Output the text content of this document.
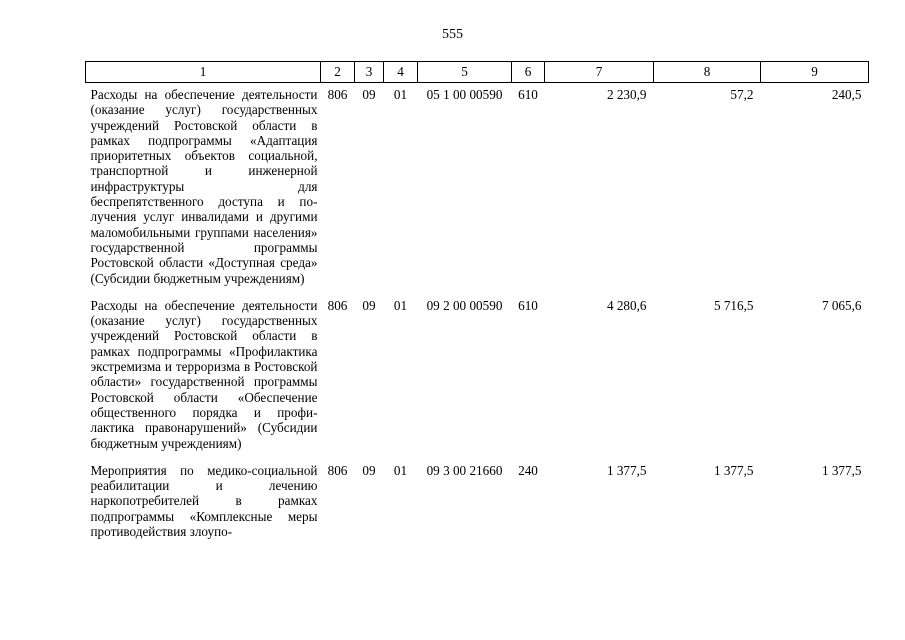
555
1	2	3	4	5	6	7	8	9
Расходы на обеспечение деятельности (оказание услуг) государственных учреждений Ростовской области в рамках подпрограммы «Адаптация приоритетных объектов социальной, транспортной и инженерной инфраструктуры для беспрепятственного доступа и получения услуг инвалидами и другими маломобильными группами населения» государственной программы Ростовской области «Доступная среда» (Субсидии бюджетным учреждениям)	806	09	01	05 1 00 00590	610	2 230,9	57,2	240,5
Расходы на обеспечение деятельности (оказание услуг) государственных учреждений Ростовской области в рамках подпрограммы «Профилактика экстремизма и терроризма в Ростовской области» государственной программы Ростовской области «Обеспечение общественного порядка и профилактика правонарушений» (Субсидии бюджетным учреждениям)	806	09	01	09 2 00 00590	610	4 280,6	5 716,5	7 065,6
Мероприятия по медико-социальной реабилитации и лечению наркопотребителей в рамках подпрограммы «Комплексные меры противодействия злоупо-	806	09	01	09 3 00 21660	240	1 377,5	1 377,5	1 377,5
